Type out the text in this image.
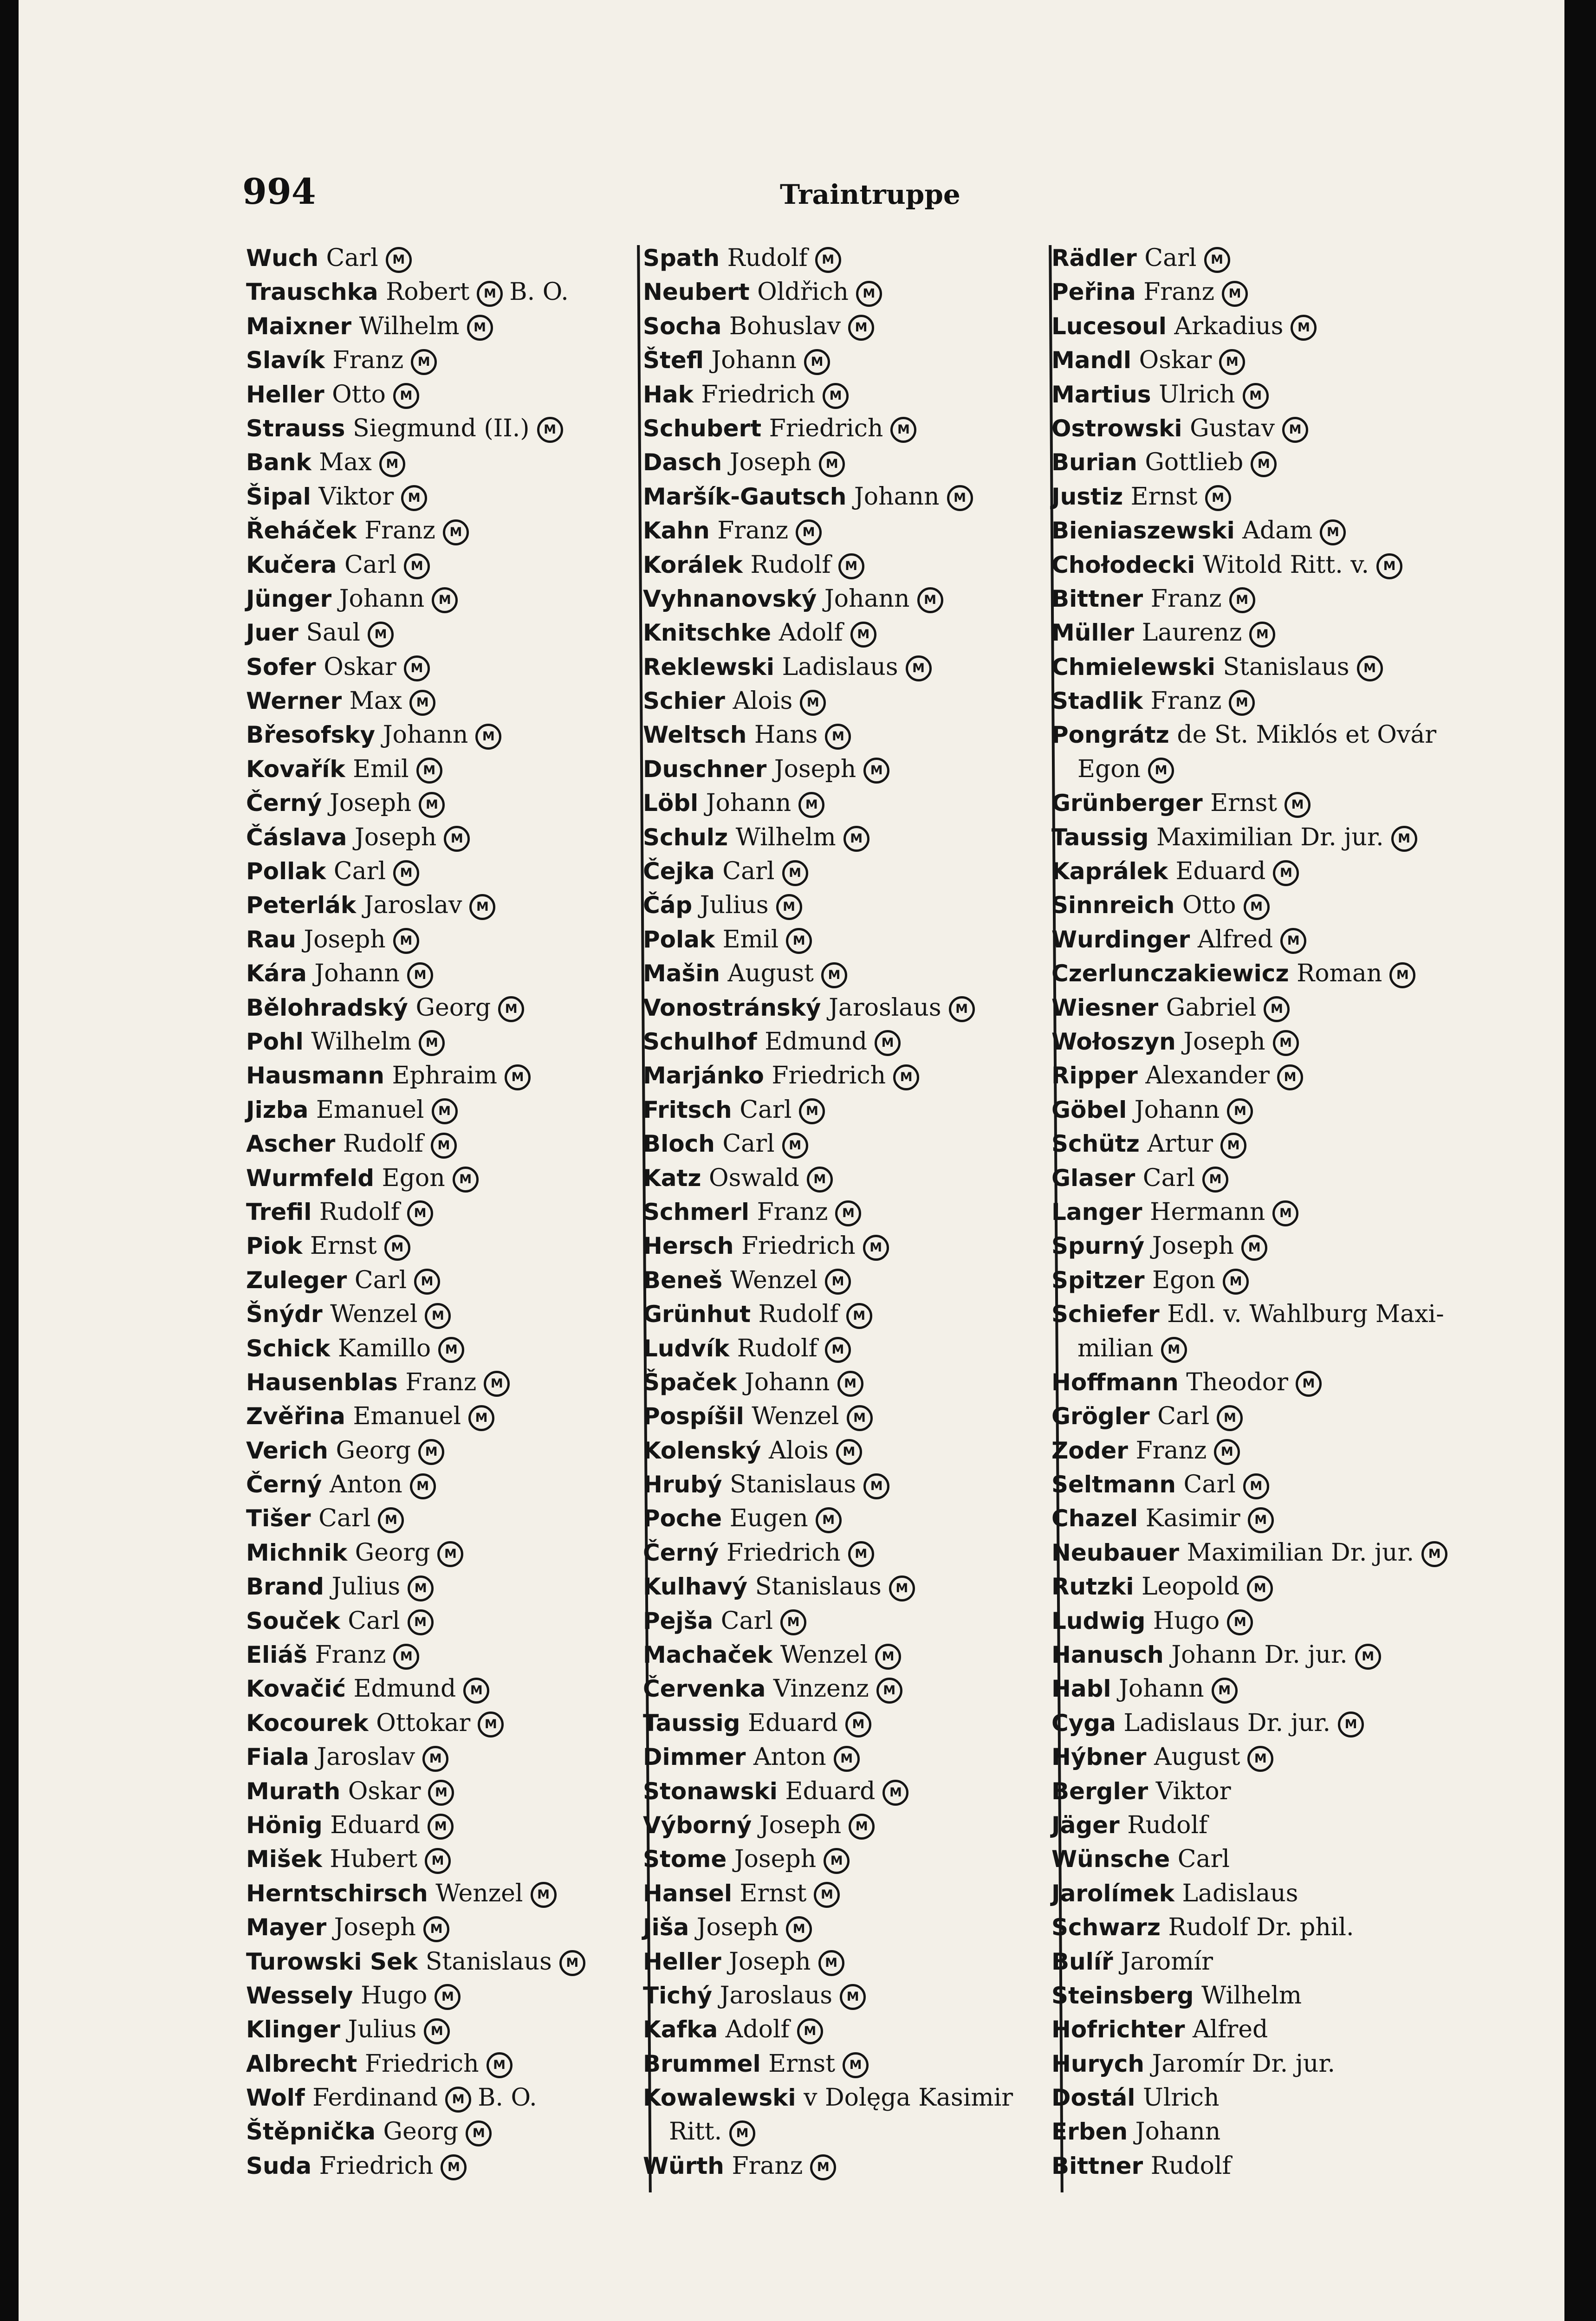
994	Traintruppe
Wuch Carl M
Trauschka Robert M B. O.
Maixner Wilhelm M
Slavík Franz M
Heller Otto M
Strauss Siegmund (II.) M
Bank Max M
Šipal Viktor M
Řeháček Franz M
Kučera Carl M
Jünger Johann M
Juer Saul M
Sofer Oskar M
Werner Max M
Břesofsky Johann M
Kovařík Emil M
Černý Joseph M
Čáslava Joseph M
Pollak Carl M
Peterlák Jaroslav M
Rau Joseph M
Kára Johann M
Bělohradský Georg M
Pohl Wilhelm M
Hausmann Ephraim M
Jizba Emanuel M
Ascher Rudolf M
Wurmfeld Egon M
Trefil Rudolf M
Piok Ernst M
Zuleger Carl M
Šnýdr Wenzel M
Schick Kamillo M
Hausenblas Franz M
Zvěřina Emanuel M
Verich Georg M
Černý Anton M
Tišer Carl M
Michnik Georg M
Brand Julius M
Souček Carl M
Eliáš Franz M
Kovačić Edmund M
Kocourek Ottokar M
Fiala Jaroslav M
Murath Oskar M
Hönig Eduard M
Mišek Hubert M
Herntschirsch Wenzel M
Mayer Joseph M
Turowski Sek Stanislaus M
Wessely Hugo M
Klinger Julius M
Albrecht Friedrich M
Wolf Ferdinand M B. O.
Štěpnička Georg M
Suda Friedrich M
Spath Rudolf M
Neubert Oldřich M
Socha Bohuslav M
Štefl Johann M
Hak Friedrich M
Schubert Friedrich M
Dasch Joseph M
Maršík-Gautsch Johann M
Kahn Franz M
Korálek Rudolf M
Vyhnanovský Johann M
Knitschke Adolf M
Reklewski Ladislaus M
Schier Alois M
Weltsch Hans M
Duschner Joseph M
Löbl Johann M
Schulz Wilhelm M
Čejka Carl M
Čáp Julius M
Polak Emil M
Mašin August M
Vonostránský Jaroslaus M
Schulhof Edmund M
Marjánko Friedrich M
Fritsch Carl M
Bloch Carl M
Katz Oswald M
Schmerl Franz M
Hersch Friedrich M
Beneš Wenzel M
Grünhut Rudolf M
Ludvík Rudolf M
Špaček Johann M
Pospíšil Wenzel M
Kolenský Alois M
Hrubý Stanislaus M
Poche Eugen M
Černý Friedrich M
Kulhavý Stanislaus M
Pejša Carl M
Machaček Wenzel M
Červenka Vinzenz M
Taussig Eduard M
Dimmer Anton M
Stonawski Eduard M
Výborný Joseph M
Stome Joseph M
Hansel Ernst M
Jiša Joseph M
Heller Joseph M
Tichý Jaroslaus M
Kafka Adolf M
Brummel Ernst M
Kowalewski v Dolęga Kasimir
Ritt. M
Würth Franz M
Rädler Carl M
Peřina Franz M
Lucesoul Arkadius M
Mandl Oskar M
Martius Ulrich M
Ostrowski Gustav M
Burian Gottlieb M
Justiz Ernst M
Bieniaszewski Adam M
Chołodecki Witold Ritt. v. M
Bittner Franz M
Müller Laurenz M
Chmielewski Stanislaus M
Stadlik Franz M
Pongrátz de St. Miklós et Ovár
Egon M
Grünberger Ernst M
Taussig Maximilian Dr. jur. M
Kaprálek Eduard M
Sinnreich Otto M
Wurdinger Alfred M
Czerlunczakiewicz Roman M
Wiesner Gabriel M
Wołoszyn Joseph M
Ripper Alexander M
Göbel Johann M
Schütz Artur M
Glaser Carl M
Langer Hermann M
Spurný Joseph M
Spitzer Egon M
Schiefer Edl. v. Wahlburg Maxi-
milian M
Hoffmann Theodor M
Grögler Carl M
Zoder Franz M
Seltmann Carl M
Chazel Kasimir M
Neubauer Maximilian Dr. jur. M
Rutzki Leopold M
Ludwig Hugo M
Hanusch Johann Dr. jur. M
Habl Johann M
Cyga Ladislaus Dr. jur. M
Hýbner August M
Bergler Viktor
Jäger Rudolf
Wünsche Carl
Jarolímek Ladislaus
Schwarz Rudolf Dr. phil.
Bulíř Jaromír
Steinsberg Wilhelm
Hofrichter Alfred
Hurych Jaromír Dr. jur.
Dostál Ulrich
Erben Johann
Bittner Rudolf
